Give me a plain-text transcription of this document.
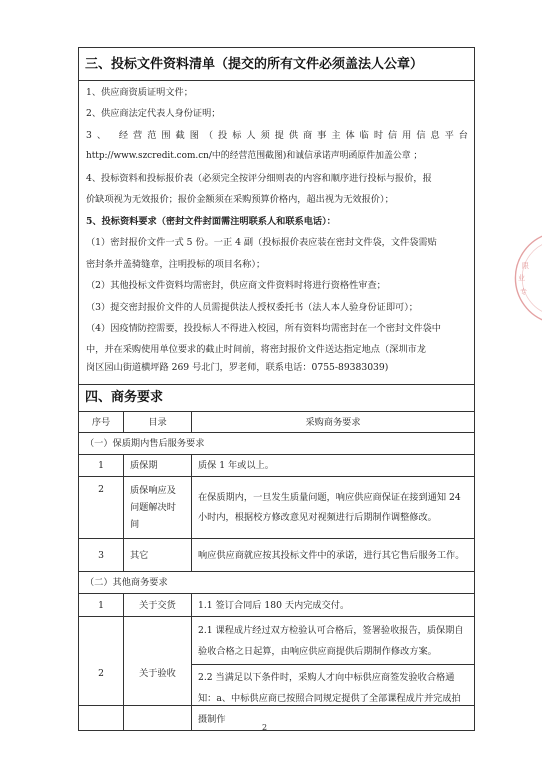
三、投标文件资料清单（提交的所有文件必须盖法人公章）
1、供应商资质证明文件；
2、供应商法定代表人身份证明；
3、 经营范围截图（投标人须提供商事主体临时信用信息平台
http://www.szcredit.com.cn/中的经营范围截图)和诚信承诺声明函原件加盖公章 ；
4、投标资料和投标报价表（必须完全按评分细则表的内容和顺序进行投标与报价，报
价缺项视为无效报价；报价金额须在采购预算价格内，超出视为无效报价）；
5、投标资料要求（密封文件封面需注明联系人和联系电话）：
（1）密封报价文件一式 5 份。一正 4 副（投标报价表应装在密封文件袋，文件袋需贴
密封条并盖骑缝章，注明投标的项目名称）；
（2）其他投标文件资料均需密封，供应商文件资料时将进行资格性审查；
（3）提交密封报价文件的人员需提供法人授权委托书（法人本人验身份证即可）；
（4）因疫情防控需要，投投标人不得进入校园，所有资料均需密封在一个密封文件袋中
中，并在采购使用单位要求的截止时间前，将密封报价文件送达指定地点（深圳市龙
岗区园山街道横坪路 269 号北门，罗老师，联系电话：0755-89383039)
四、商务要求
序号	目录	采购商务要求
（一）保质期内售后服务要求		
1	质保期	质保 1 年或以上。
2	质保响应及问题解决时间	在保质期内，一旦发生质量问题，响应供应商保证在接到通知 24 小时内，根据校方修改意见对视频进行后期制作调整修改。
3	其它	响应供应商就应按其投标文件中的承诺，进行其它售后服务工作。
（二）其他商务要求		
1	关于交货	1.1 签订合同后 180 天内完成交付。
2	关于验收	2.1 课程成片经过双方检验认可合格后，签署验收报告，质保期自验收合格之日起算，由响应供应商提供后期制作修改方案。
		2.2 当满足以下条件时，采购人才向中标供应商签发验收合格通知：a、中标供应商已按照合同规定提供了全部课程成片并完成拍摄制作
限
业
专
2
